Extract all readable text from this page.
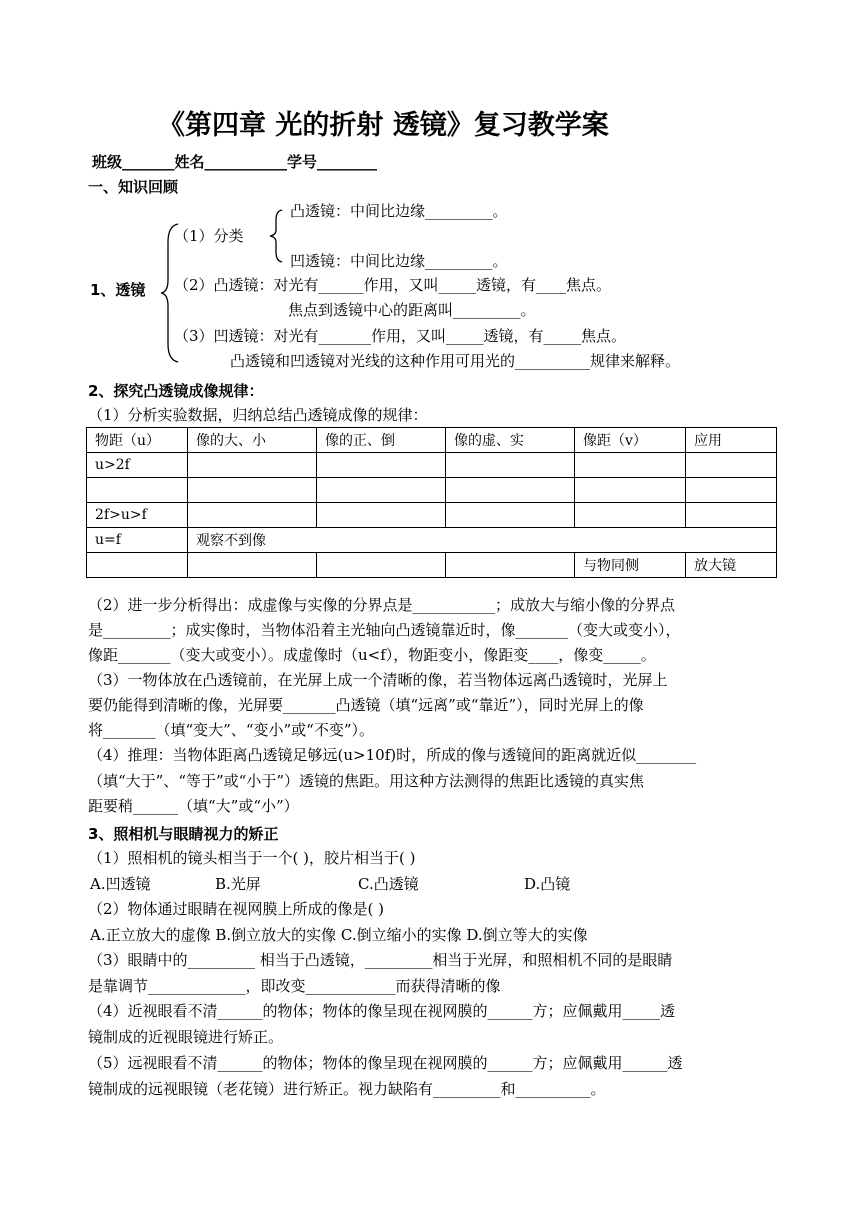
《第四章 光的折射 透镜》复习教学案
班级_______姓名___________学号________
一、知识回顾
1、透镜
（1）分类
凸透镜：中间比边缘_________。
凹透镜：中间比边缘_________。
（2）凸透镜：对光有______作用，又叫_____透镜，有____焦点。
焦点到透镜中心的距离叫_________。
（3）凹透镜：对光有_______作用，又叫_____透镜，有_____焦点。
凸透镜和凹透镜对光线的这种作用可用光的__________规律来解释。
2、探究凸透镜成像规律：
（1）分析实验数据，归纳总结凸透镜成像的规律：
物距（u）	像的大、小	像的正、倒	像的虚、实	像距（v）	应用
u>2f					

2f>u>f					
u=f	观察不到像				
				与物同侧	放大镜
（2）进一步分析得出：成虚像与实像的分界点是___________；成放大与缩小像的分界点
是_________；成实像时，当物体沿着主光轴向凸透镜靠近时，像_______（变大或变小），
像距_______（变大或变小）。成虚像时（u<f），物距变小，像距变____，像变_____。
（3）一物体放在凸透镜前，在光屏上成一个清晰的像，若当物体远离凸透镜时，光屏上
要仍能得到清晰的像，光屏要_______凸透镜（填“远离”或“靠近”），同时光屏上的像
将_______（填“变大”、“变小”或“不变”）。
（4）推理：当物体距离凸透镜足够远(u>10f)时，所成的像与透镜间的距离就近似________
（填“大于”、“等于”或“小于”）透镜的焦距。用这种方法测得的焦距比透镜的真实焦
距要稍______（填“大”或“小”）
3、照相机与眼睛视力的矫正
（1）照相机的镜头相当于一个( )，胶片相当于( )
A.凹透镜	B.光屏	C.凸透镜	D.凸镜
（2）物体通过眼睛在视网膜上所成的像是( )
A.正立放大的虚像 B.倒立放大的实像 C.倒立缩小的实像 D.倒立等大的实像
（3）眼睛中的_________ 相当于凸透镜，_________相当于光屏，和照相机不同的是眼睛
是靠调节_____________，即改变____________而获得清晰的像
（4）近视眼看不清______的物体；物体的像呈现在视网膜的______方；应佩戴用_____透
镜制成的近视眼镜进行矫正。
（5）远视眼看不清______的物体；物体的像呈现在视网膜的______方；应佩戴用______透
镜制成的远视眼镜（老花镜）进行矫正。视力缺陷有_________和__________。
